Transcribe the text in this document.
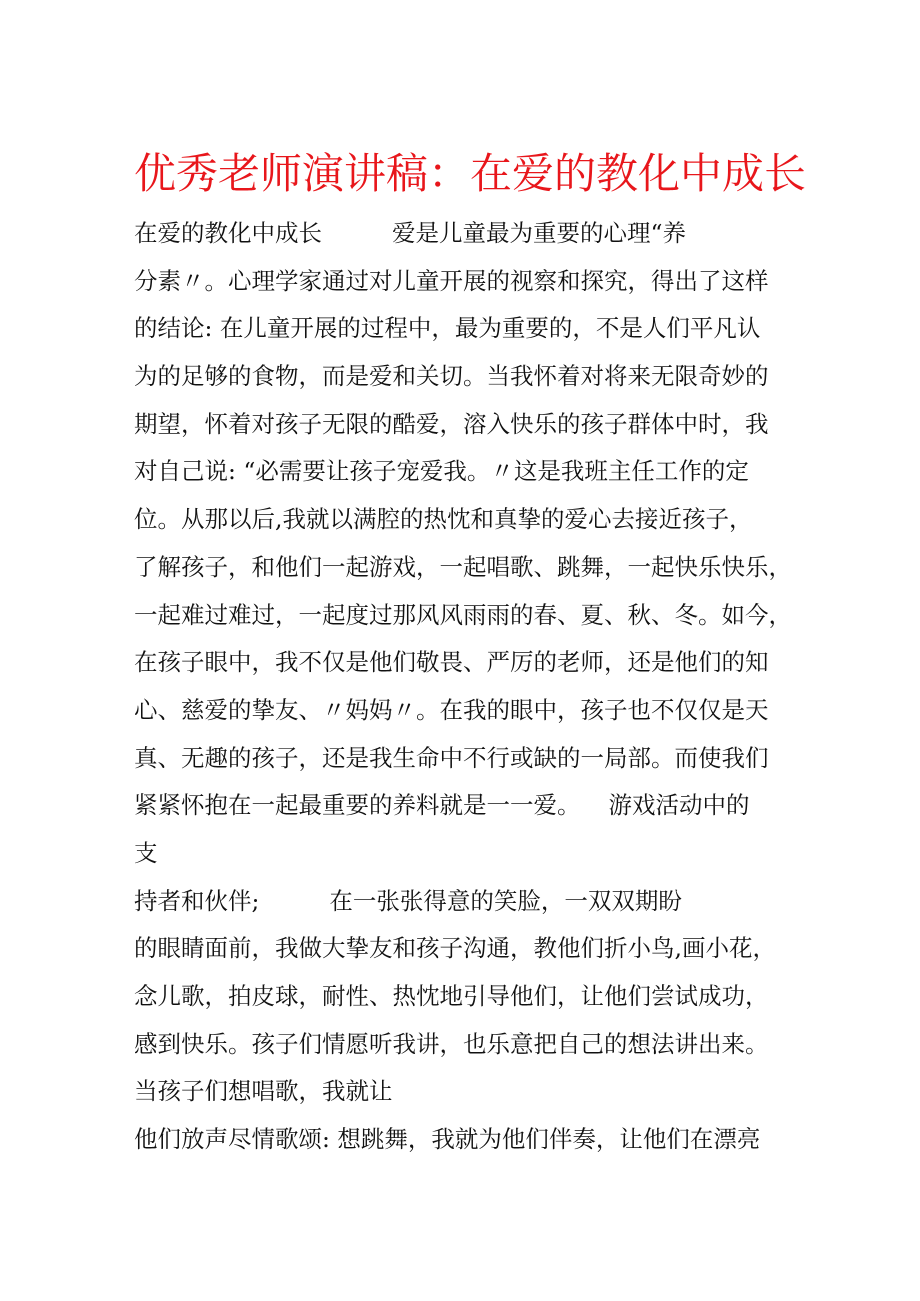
优秀老师演讲稿：在爱的教化中成长
在爱的教化中成长	爱是儿童最为重要的心理“养
分素〃。心理学家通过对儿童开展的视察和探究，得出了这样
的结论: 在儿童开展的过程中，最为重要的，不是人们平凡认
为的足够的食物，而是爱和关切。当我怀着对将来无限奇妙的
期望，怀着对孩子无限的酷爱，溶入快乐的孩子群体中时，我
对自己说: “必需要让孩子宠爱我。〃这是我班主任工作的定
位。从那以后,我就以满腔的热忱和真挚的爱心去接近孩子，
了解孩子，和他们一起游戏，一起唱歌、跳舞，一起快乐快乐，
一起难过难过，一起度过那风风雨雨的春、夏、秋、冬。如今，
在孩子眼中，我不仅是他们敬畏、严厉的老师，还是他们的知
心、慈爱的挚友、〃妈妈〃。在我的眼中，孩子也不仅仅是天
真、无趣的孩子，还是我生命中不行或缺的一局部。而使我们
紧紧怀抱在一起最重要的养料就是一一爱。 游戏活动中的
支
持者和伙伴;	在一张张得意的笑脸，一双双期盼
的眼睛面前，我做大挚友和孩子沟通，教他们折小鸟,画小花，
念儿歌，拍皮球，耐性、热忱地引导他们，让他们尝试成功，
感到快乐。孩子们情愿听我讲，也乐意把自己的想法讲出来。
当孩子们想唱歌，我就让
他们放声尽情歌颂: 想跳舞，我就为他们伴奏，让他们在漂亮
